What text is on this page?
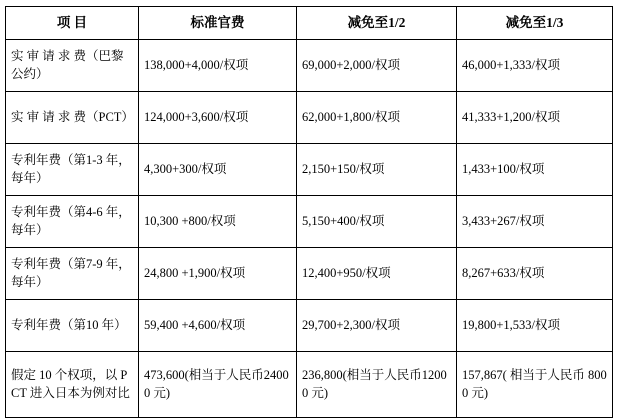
项 目	标准官费	减免至1/2	减免至1/3
实 审 请 求 费（巴黎公约）	138,000+4,000/权项	69,000+2,000/权项	46,000+1,333/权项
实 审 请 求 费（PCT）	124,000+3,600/权项	62,000+1,800/权项	41,333+1,200/权项
专利年费（第1-3 年，每年）	4,300+300/权项	2,150+150/权项	1,433+100/权项
专利年费（第4-6 年，每年）	10,300 +800/权项	5,150+400/权项	3,433+267/权项
专利年费（第7-9 年，每年）	24,800 +1,900/权项	12,400+950/权项	8,267+633/权项
专利年费（第10 年）	59,400 +4,600/权项	29,700+2,300/权项	19,800+1,533/权项
假定 10 个权项，以 PCT 进入日本为例对比	473,600(相当于人民币24000 元)	236,800(相当于人民币12000 元)	157,867( 相当于人民币 8000 元)
